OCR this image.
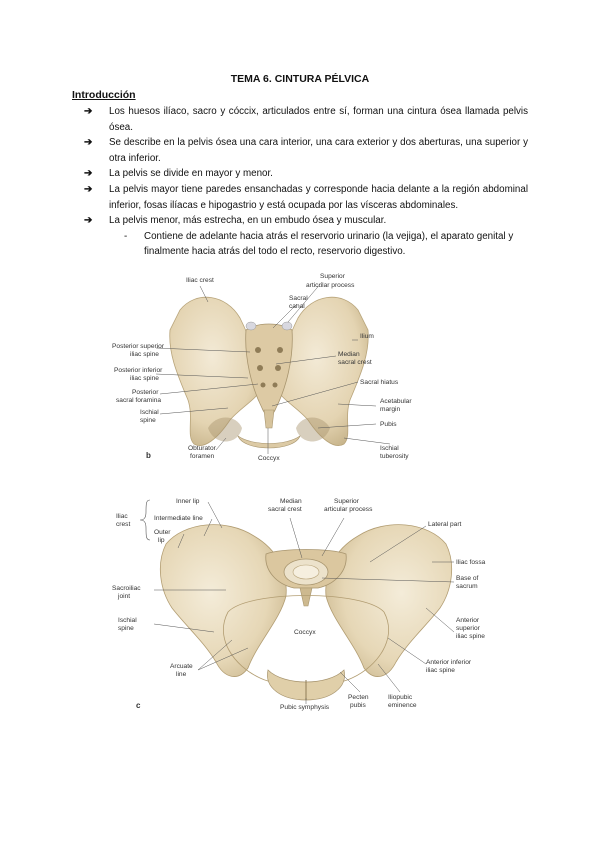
TEMA 6. CINTURA PÉLVICA
Introducción
➔ Los huesos ilíaco, sacro y cóccix, articulados entre sí, forman una cintura ósea llamada pelvis ósea.
➔ Se describe en la pelvis ósea una cara interior, una cara exterior y dos aberturas, una superior y otra inferior.
➔ La pelvis se divide en mayor y menor.
➔ La pelvis mayor tiene paredes ensanchadas y corresponde hacia delante a la región abdominal inferior, fosas ilíacas e hipogastrio y está ocupada por las vísceras abdominales.
➔ La pelvis menor, más estrecha, en un embudo ósea y muscular.
- Contiene de adelante hacia atrás el reservorio urinario (la vejiga), el aparato genital y finalmente hacia atrás del todo el recto, reservorio digestivo.
Iliac crest
Superior
articular process
Sacral
canal
Ilium
Median
sacral crest
Posterior superior
iliac spine
Posterior inferior
iliac spine
Sacral hiatus
Posterior
sacral foramina	Acetabular
margin
Ischial
spine
Pubis
b
Obturator
foramen	Coccyx
Ischial
tuberosity
Inner lip
Iliac
crest
Intermediate line
Outer
lip
Median
sacral crest
Superior
articular process
Lateral part
Iliac fossa
Sacroiliac
joint
Base of
sacrum
Ischial
spine
Coccyx
Anterior
superior
iliac spine
Arcuate
line
Anterior inferior
iliac spine
Pecten
pubis
Iliopubic
eminence
Pubic symphysis
c
